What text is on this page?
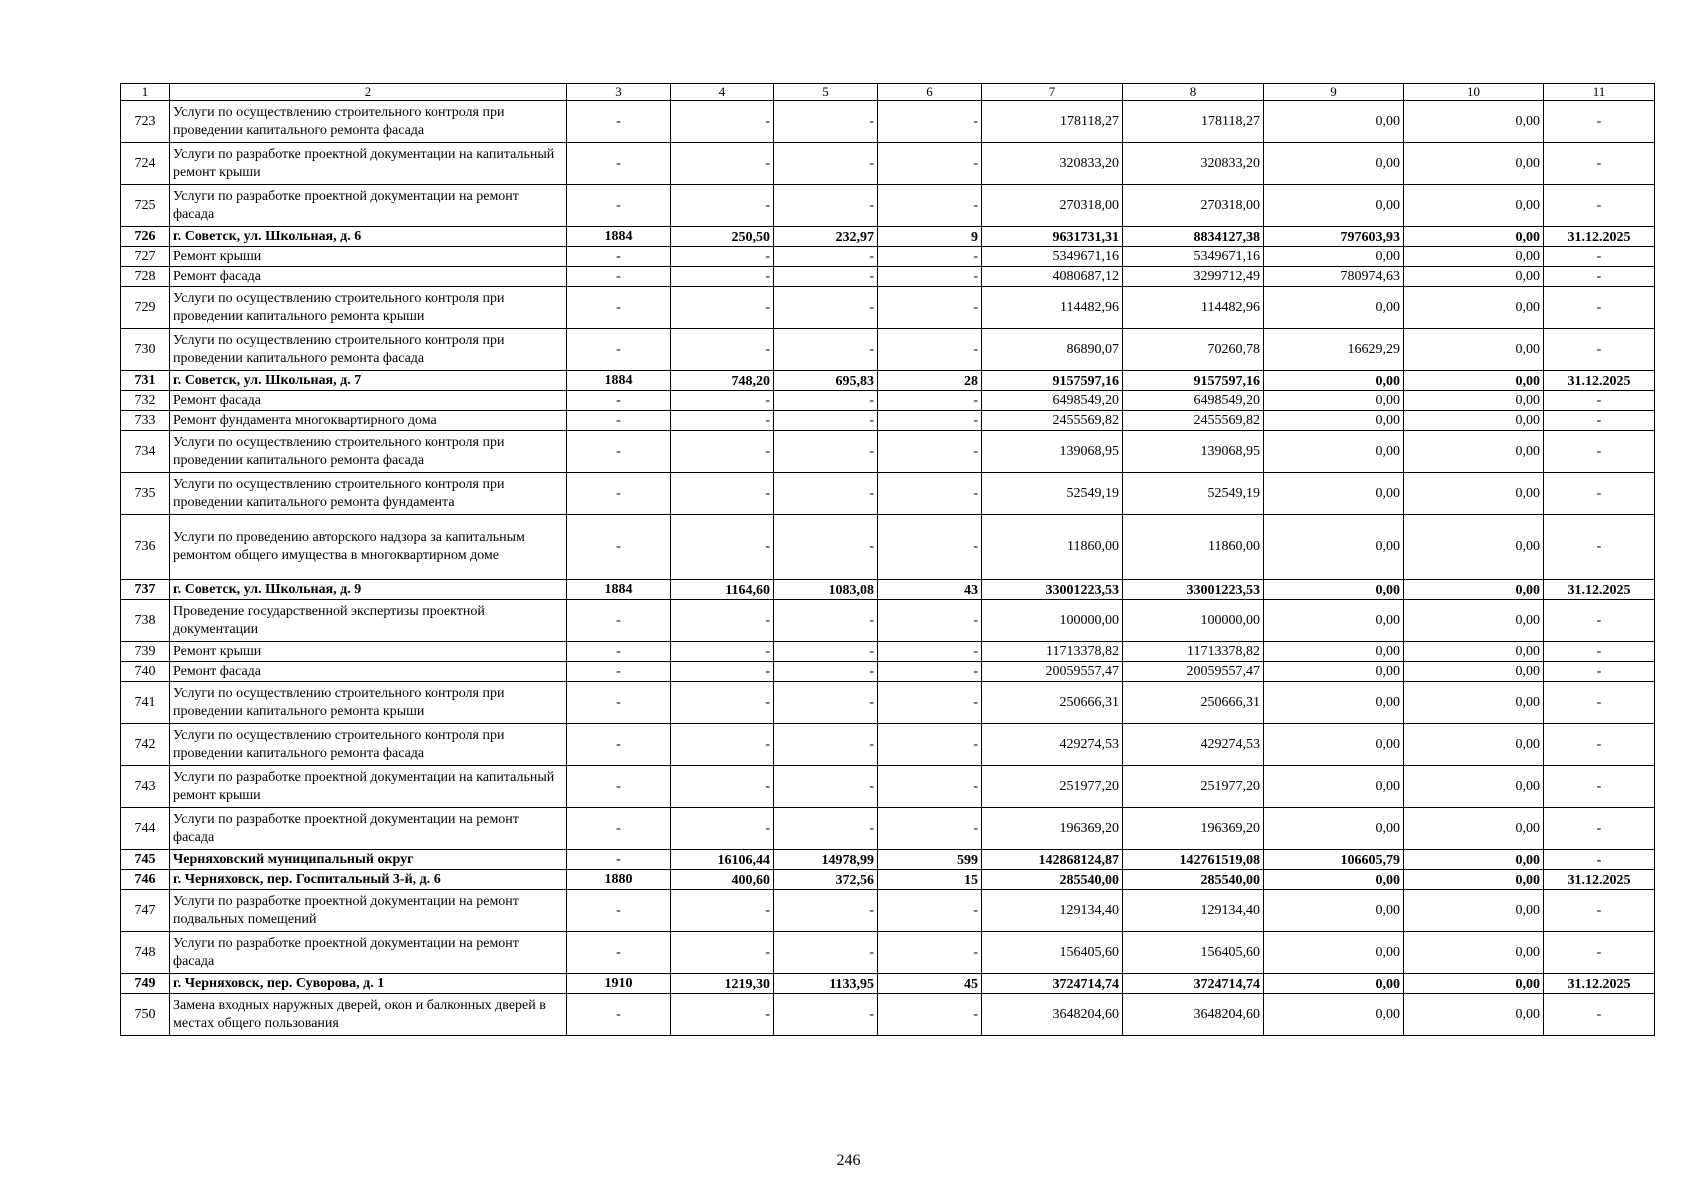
1	2	3	4	5	6	7	8	9	10	11
723	Услуги по осуществлению строительного контроля при проведении капитального ремонта фасада	-	-	-	-	178118,27	178118,27	0,00	0,00	-
724	Услуги по разработке проектной документации на капитальный ремонт крыши	-	-	-	-	320833,20	320833,20	0,00	0,00	-
725	Услуги по разработке проектной документации на ремонт фасада	-	-	-	-	270318,00	270318,00	0,00	0,00	-
726	г. Советск, ул. Школьная, д. 6	1884	250,50	232,97	9	9631731,31	8834127,38	797603,93	0,00	31.12.2025
727	Ремонт крыши	-	-	-	-	5349671,16	5349671,16	0,00	0,00	-
728	Ремонт фасада	-	-	-	-	4080687,12	3299712,49	780974,63	0,00	-
729	Услуги по осуществлению строительного контроля при проведении капитального ремонта крыши	-	-	-	-	114482,96	114482,96	0,00	0,00	-
730	Услуги по осуществлению строительного контроля при проведении капитального ремонта фасада	-	-	-	-	86890,07	70260,78	16629,29	0,00	-
731	г. Советск, ул. Школьная, д. 7	1884	748,20	695,83	28	9157597,16	9157597,16	0,00	0,00	31.12.2025
732	Ремонт фасада	-	-	-	-	6498549,20	6498549,20	0,00	0,00	-
733	Ремонт фундамента многоквартирного дома	-	-	-	-	2455569,82	2455569,82	0,00	0,00	-
734	Услуги по осуществлению строительного контроля при проведении капитального ремонта фасада	-	-	-	-	139068,95	139068,95	0,00	0,00	-
735	Услуги по осуществлению строительного контроля при проведении капитального ремонта фундамента	-	-	-	-	52549,19	52549,19	0,00	0,00	-
736	Услуги по проведению авторского надзора за капитальным ремонтом общего имущества в многоквартирном доме	-	-	-	-	11860,00	11860,00	0,00	0,00	-
737	г. Советск, ул. Школьная, д. 9	1884	1164,60	1083,08	43	33001223,53	33001223,53	0,00	0,00	31.12.2025
738	Проведение государственной экспертизы проектной документации	-	-	-	-	100000,00	100000,00	0,00	0,00	-
739	Ремонт крыши	-	-	-	-	11713378,82	11713378,82	0,00	0,00	-
740	Ремонт фасада	-	-	-	-	20059557,47	20059557,47	0,00	0,00	-
741	Услуги по осуществлению строительного контроля при проведении капитального ремонта крыши	-	-	-	-	250666,31	250666,31	0,00	0,00	-
742	Услуги по осуществлению строительного контроля при проведении капитального ремонта фасада	-	-	-	-	429274,53	429274,53	0,00	0,00	-
743	Услуги по разработке проектной документации на капитальный ремонт крыши	-	-	-	-	251977,20	251977,20	0,00	0,00	-
744	Услуги по разработке проектной документации на ремонт фасада	-	-	-	-	196369,20	196369,20	0,00	0,00	-
745	Черняховский муниципальный округ	-	16106,44	14978,99	599	142868124,87	142761519,08	106605,79	0,00	-
746	г. Черняховск, пер. Госпитальный 3-й, д. 6	1880	400,60	372,56	15	285540,00	285540,00	0,00	0,00	31.12.2025
747	Услуги по разработке проектной документации на ремонт подвальных помещений	-	-	-	-	129134,40	129134,40	0,00	0,00	-
748	Услуги по разработке проектной документации на ремонт фасада	-	-	-	-	156405,60	156405,60	0,00	0,00	-
749	г. Черняховск, пер. Суворова, д. 1	1910	1219,30	1133,95	45	3724714,74	3724714,74	0,00	0,00	31.12.2025
750	Замена входных наружных дверей, окон и балконных дверей в местах общего пользования	-	-	-	-	3648204,60	3648204,60	0,00	0,00	-
246
